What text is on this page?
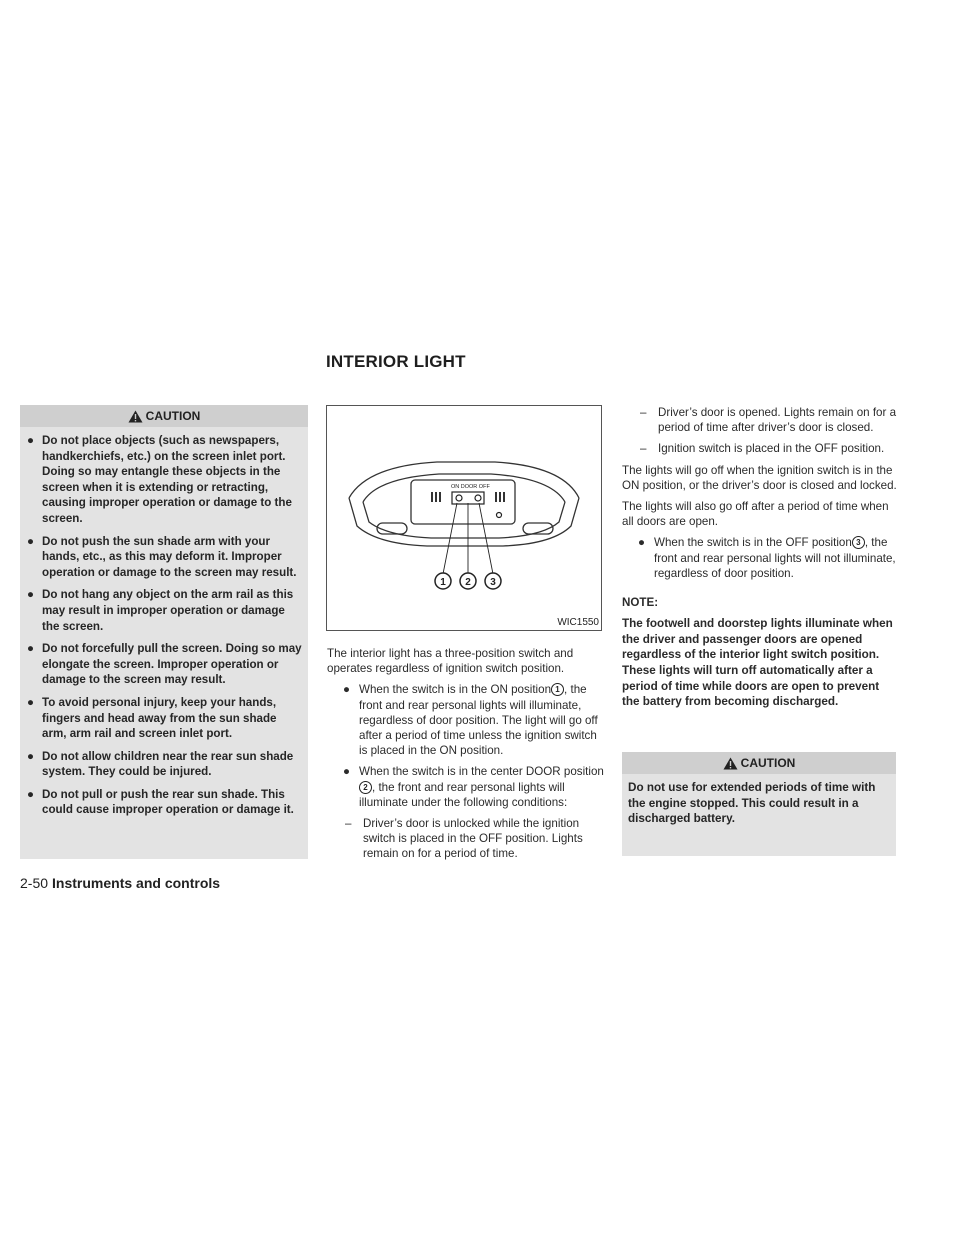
INTERIOR LIGHT
CAUTION
● Do not place objects (such as newspapers, handkerchiefs, etc.) on the screen inlet port. Doing so may entangle these objects in the screen when it is extending or retracting, causing improper operation or damage to the screen.
● Do not push the sun shade arm with your hands, etc., as this may deform it. Improper operation or damage to the screen may result.
● Do not hang any object on the arm rail as this may result in improper operation or damage the screen.
● Do not forcefully pull the screen. Doing so may elongate the screen. Improper operation or damage to the screen may result.
● To avoid personal injury, keep your hands, fingers and head away from the sun shade arm, arm rail and screen inlet port.
● Do not allow children near the rear sun shade system. They could be injured.
● Do not pull or push the rear sun shade. This could cause improper operation or damage it.
ON DOOR OFF
1 2 3
WIC1550

The interior light has a three-position switch and operates regardless of ignition switch position.

● When the switch is in the ON position 1 , the front and rear personal lights will illuminate, regardless of door position. The light will go off after a period of time unless the ignition switch is placed in the ON position.
● When the switch is in the center DOOR position2 , the front and rear personal lights will illuminate under the following conditions:
– Driver’s door is unlocked while the ignition switch is placed in the OFF position. Lights remain on for a period of time.
– Driver’s door is opened. Lights remain on for a period of time after driver’s door is closed.
– Ignition switch is placed in the OFF position.

The lights will go off when the ignition switch is in the ON position, or the driver’s door is closed and locked.

The lights will also go off after a period of time when all doors are open.

● When the switch is in the OFF position 3 , the front and rear personal lights will not illuminate, regardless of door position.

NOTE:

The footwell and doorstep lights illuminate when the driver and passenger doors are opened regardless of the interior light switch position. These lights will turn off automatically after a period of time while doors are open to prevent the battery from becoming discharged.

CAUTION
Do not use for extended periods of time with the engine stopped. This could result in a discharged battery.
2-50 Instruments and controls
